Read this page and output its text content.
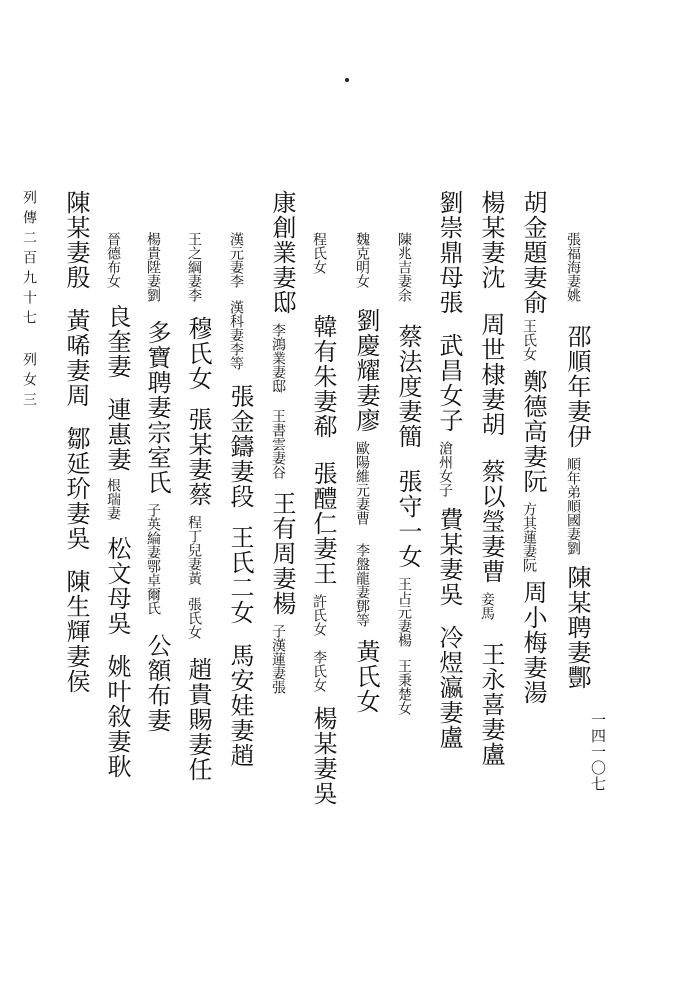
張福海妻姚邵順年妻伊順年弟順國妻劉陳某聘妻酆
胡金題妻俞王氏女鄭德高妻阮方其蓮妻阮周小梅妻湯
楊某妻沈周世棣妻胡蔡以瑩妻曹妾馬王永喜妻盧
劉崇鼎母張武昌女子滄州女子費某妻吳冷煜瀛妻盧
陳兆吉妻余蔡法度妻簡張守一女王占元妻楊王秉楚女
魏克明女劉慶耀妻廖歐陽維元妻曹李盤龍妻鄧等黃氏女
程氏女韓有朱妻郗張醴仁妻王許氏女李氏女楊某妻吳
康創業妻邸李鴻業妻邸王書雲妻谷王有周妻楊子漢蓮妻張
漢元妻李漢科妻李等張金鑄妻段王氏二女馬安娃妻趙
王之綱妻李穆氏女張某妻蔡程丁兒妻黃張氏女趙貴賜妻任
楊貴陞妻劉多寶聘妻宗室氏子英綸妻鄂卓爾氏公額布妻
晉德布女良奎妻連惠妻根瑞妻松文母吳姚叶敘妻耿
陳某妻殷黃唏妻周鄒延玠妻吳陳生輝妻侯
列傳二百九十七列女三
一四一〇七
